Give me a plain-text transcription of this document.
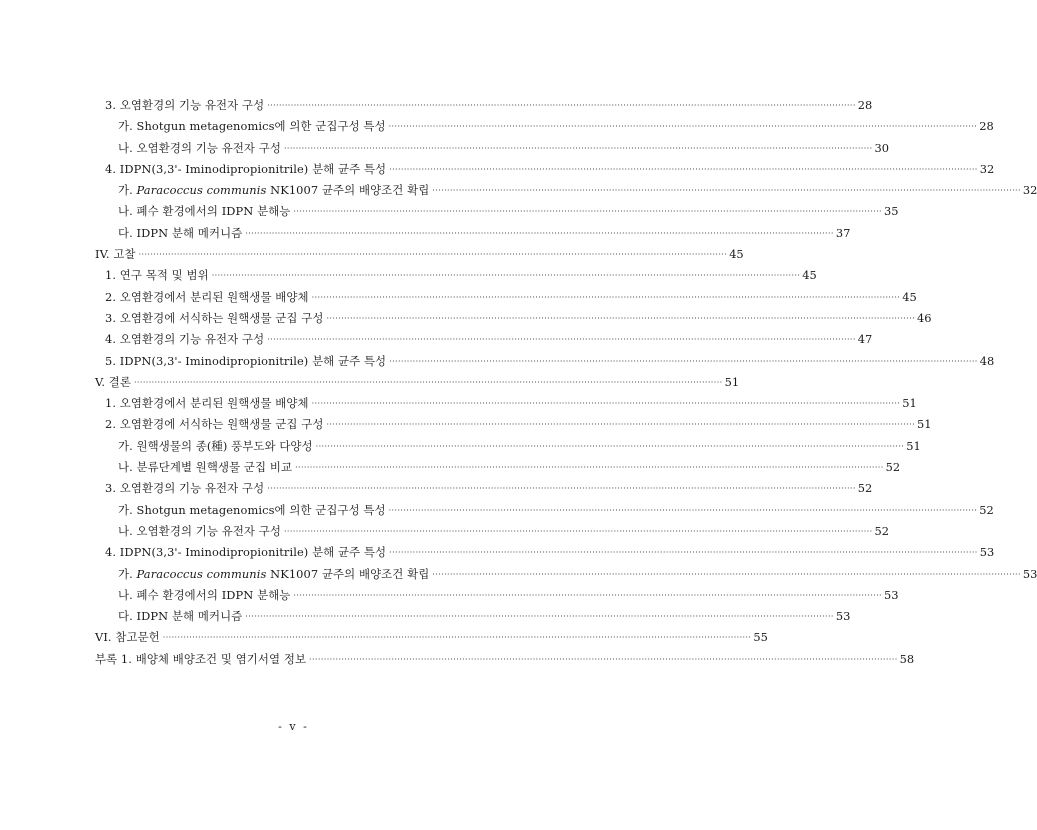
3. 오염환경의 기능 유전자 구성 ········································································································································································································ 28
가. Shotgun metagenomics에 의한 군집구성 특성 ········································································································································································································ 28
나. 오염환경의 기능 유전자 구성 ········································································································································································································ 30
4. IDPN(3,3'- Iminodipropionitrile) 분해 균주 특성 ········································································································································································································ 32
가. Paracoccus communis NK1007 균주의 배양조건 확립 ········································································································································································································ 32
나. 폐수 환경에서의 IDPN 분해능 ········································································································································································································ 35
다. IDPN 분해 메커니즘 ········································································································································································································ 37
IV. 고찰 ········································································································································································································ 45
1. 연구 목적 및 범위 ········································································································································································································ 45
2. 오염환경에서 분리된 원핵생물 배양체 ········································································································································································································ 45
3. 오염환경에 서식하는 원핵생물 군집 구성 ········································································································································································································ 46
4. 오염환경의 기능 유전자 구성 ········································································································································································································ 47
5. IDPN(3,3'- Iminodipropionitrile) 분해 균주 특성 ········································································································································································································ 48
V. 결론 ········································································································································································································ 51
1. 오염환경에서 분리된 원핵생물 배양체 ········································································································································································································ 51
2. 오염환경에 서식하는 원핵생물 군집 구성 ········································································································································································································ 51
가. 원핵생물의 종(種) 풍부도와 다양성 ········································································································································································································ 51
나. 분류단계별 원핵생물 군집 비교 ········································································································································································································ 52
3. 오염환경의 기능 유전자 구성 ········································································································································································································ 52
가. Shotgun metagenomics에 의한 군집구성 특성 ········································································································································································································ 52
나. 오염환경의 기능 유전자 구성 ········································································································································································································ 52
4. IDPN(3,3'- Iminodipropionitrile) 분해 균주 특성 ········································································································································································································ 53
가. Paracoccus communis NK1007 균주의 배양조건 확립 ········································································································································································································ 53
나. 폐수 환경에서의 IDPN 분해능 ········································································································································································································ 53
다. IDPN 분해 메커니즘 ········································································································································································································ 53
VI. 참고문헌 ········································································································································································································ 55
부록 1. 배양체 배양조건 및 염기서열 정보 ········································································································································································································ 58
- v -
